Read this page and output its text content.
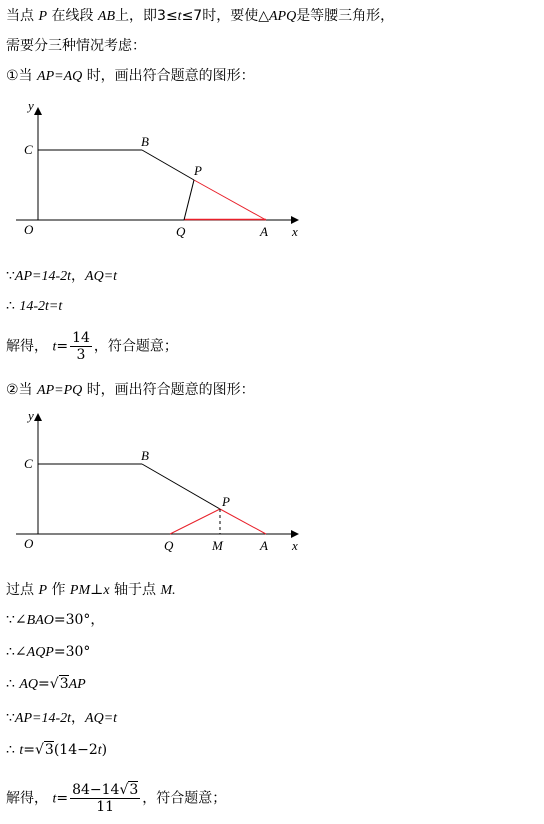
当点 P 在线段 AB上，即3≤t≤7时，要使△APQ是等腰三角形，
需要分三种情况考虑：
①当 AP=AQ 时，画出符合题意的图形：
y
C
B
P
O	Q	A x
∵AP=14-2t，AQ=t
∴ 14-2t=t
解得， $t= \frac{14}{3}$ ，符合题意；
②当 AP=PQ 时，画出符合题意的图形：
y
C
B
P
O	Q	M	A x
过点 P 作 PM⊥x 轴于点 M.
∵∠BAO=30°，
∴∠AQP=30°
∴ AQ=√3AP
∵AP=14-2t，AQ=t
∴ t=√3(14−2t)
解得， $t= \frac{84-14√3}{11}$ ，符合题意；
